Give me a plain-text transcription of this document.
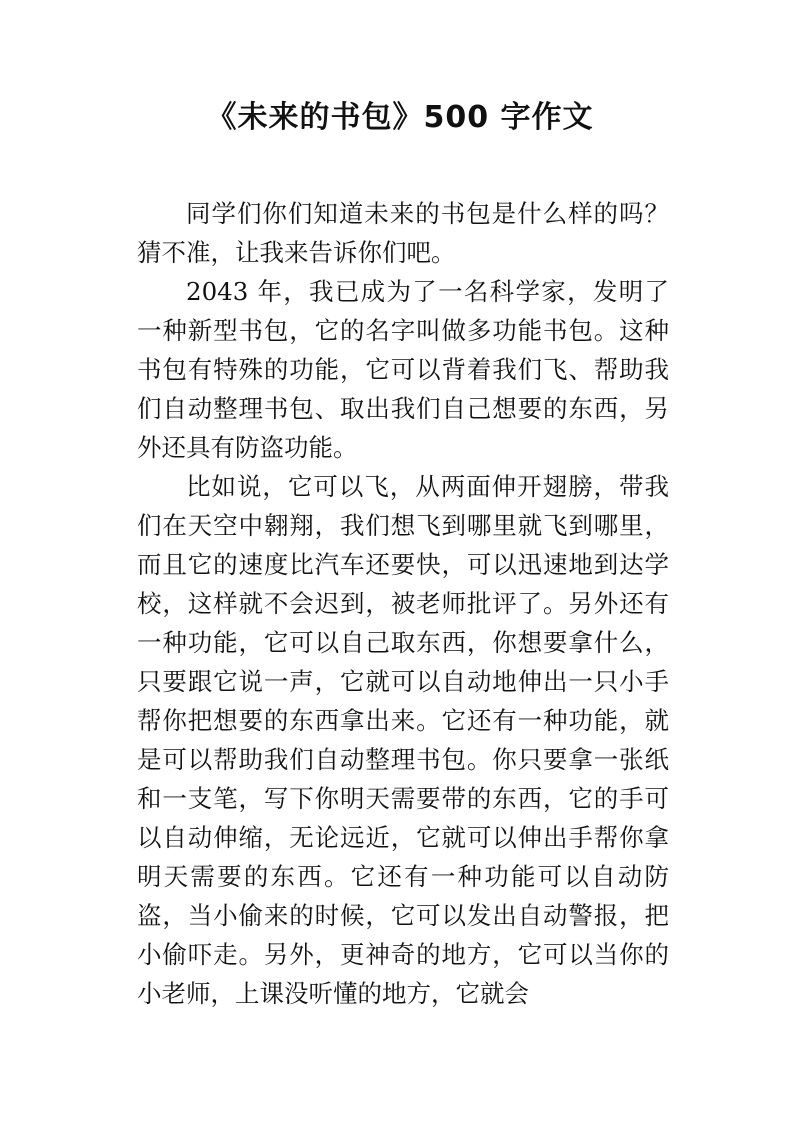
《未来的书包》500 字作文

同学们你们知道未来的书包是什么样的吗？猜不准，让我来告诉你们吧。

2043 年，我已成为了一名科学家，发明了一种新型书包，它的名字叫做多功能书包。这种书包有特殊的功能，它可以背着我们飞、帮助我们自动整理书包、取出我们自己想要的东西，另外还具有防盗功能。

比如说，它可以飞，从两面伸开翅膀，带我们在天空中翱翔，我们想飞到哪里就飞到哪里，而且它的速度比汽车还要快，可以迅速地到达学校，这样就不会迟到，被老师批评了。另外还有一种功能，它可以自己取东西，你想要拿什么，只要跟它说一声，它就可以自动地伸出一只小手帮你把想要的东西拿出来。它还有一种功能，就是可以帮助我们自动整理书包。你只要拿一张纸和一支笔，写下你明天需要带的东西，它的手可以自动伸缩，无论远近，它就可以伸出手帮你拿明天需要的东西。它还有一种功能可以自动防盗，当小偷来的时候，它可以发出自动警报，把小偷吓走。另外，更神奇的地方，它可以当你的小老师，上课没听懂的地方，它就会
